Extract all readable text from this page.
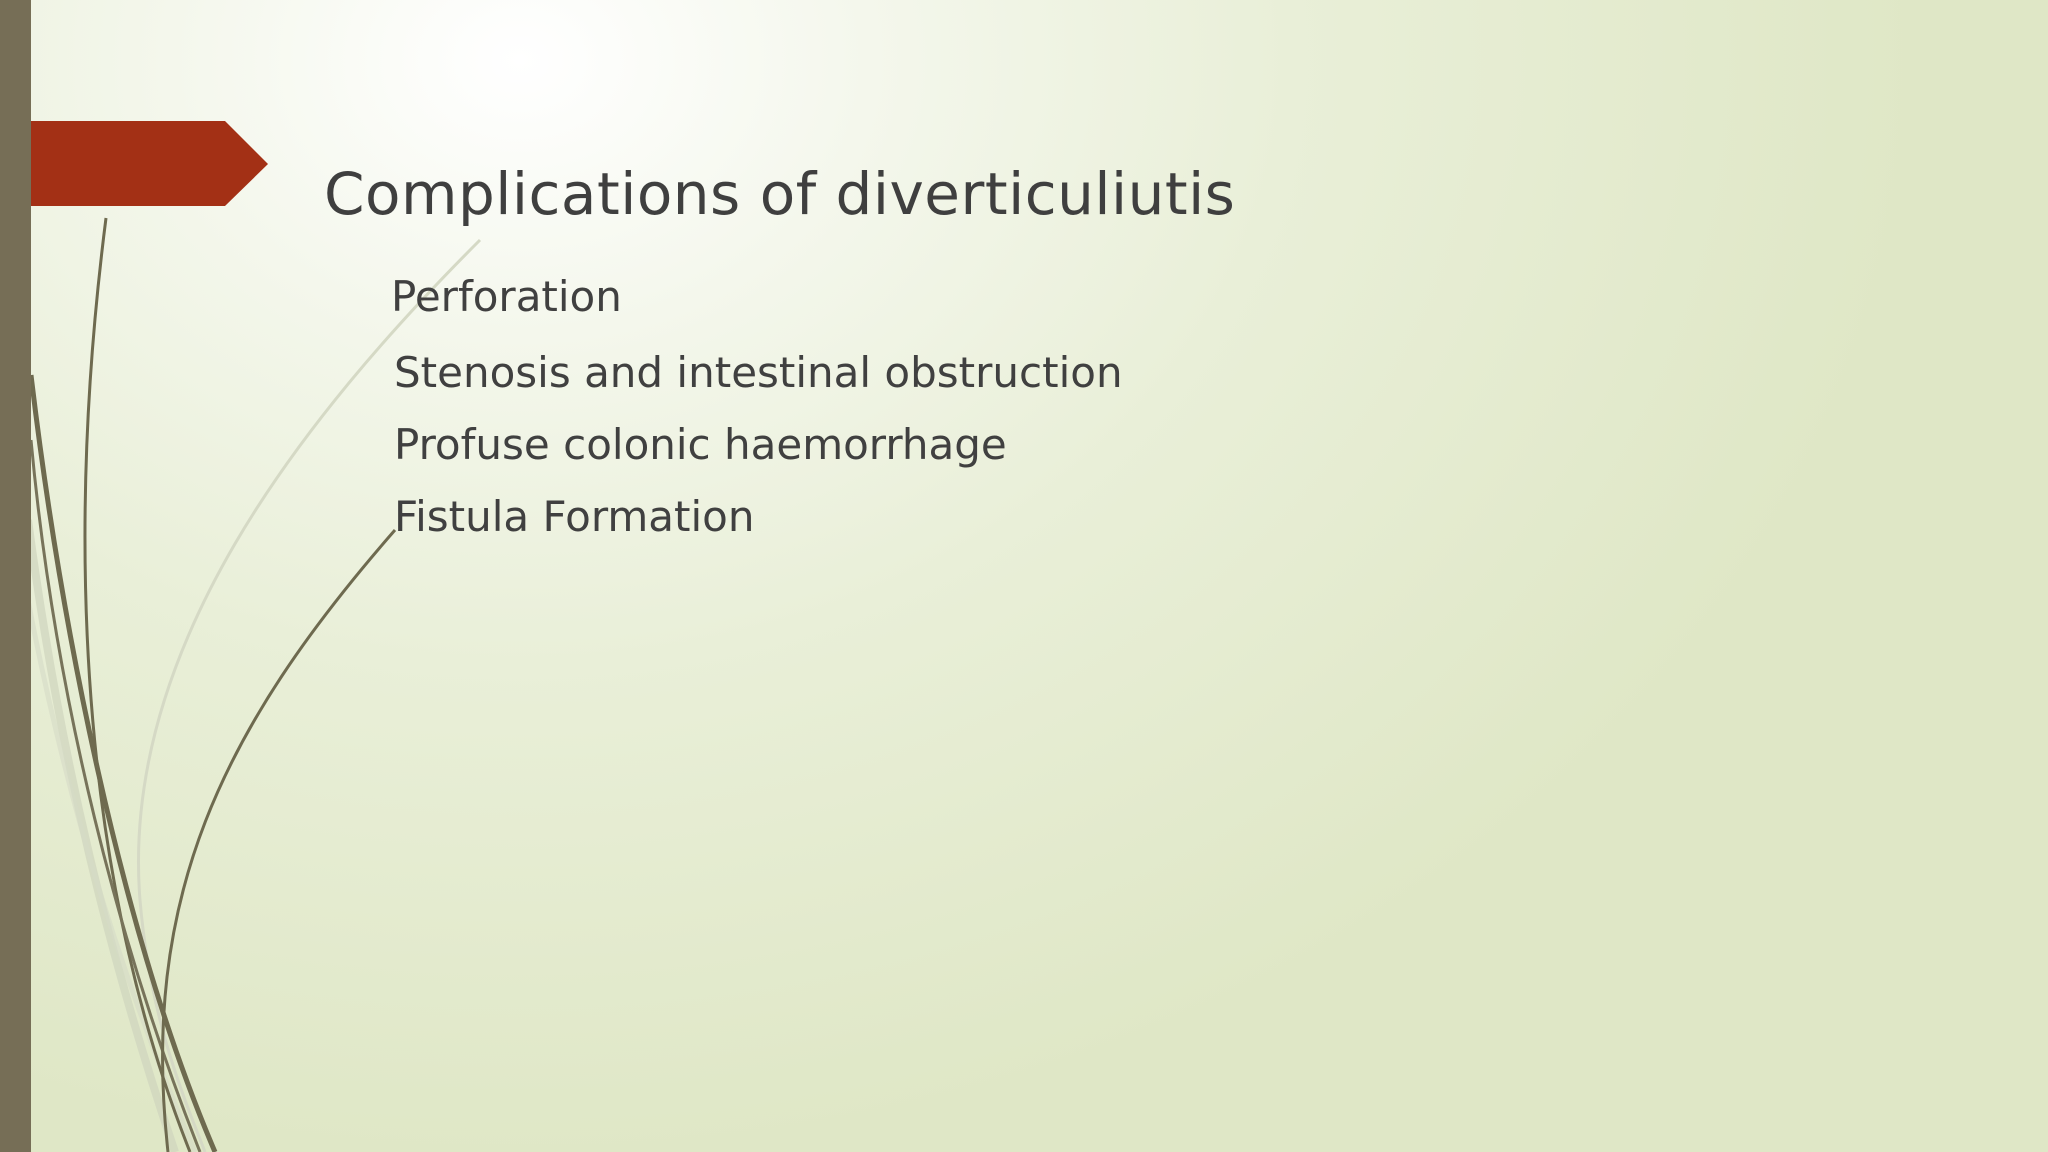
Complications of diverticuliutis
Perforation
Stenosis and intestinal obstruction
Profuse colonic haemorrhage
Fistula Formation
